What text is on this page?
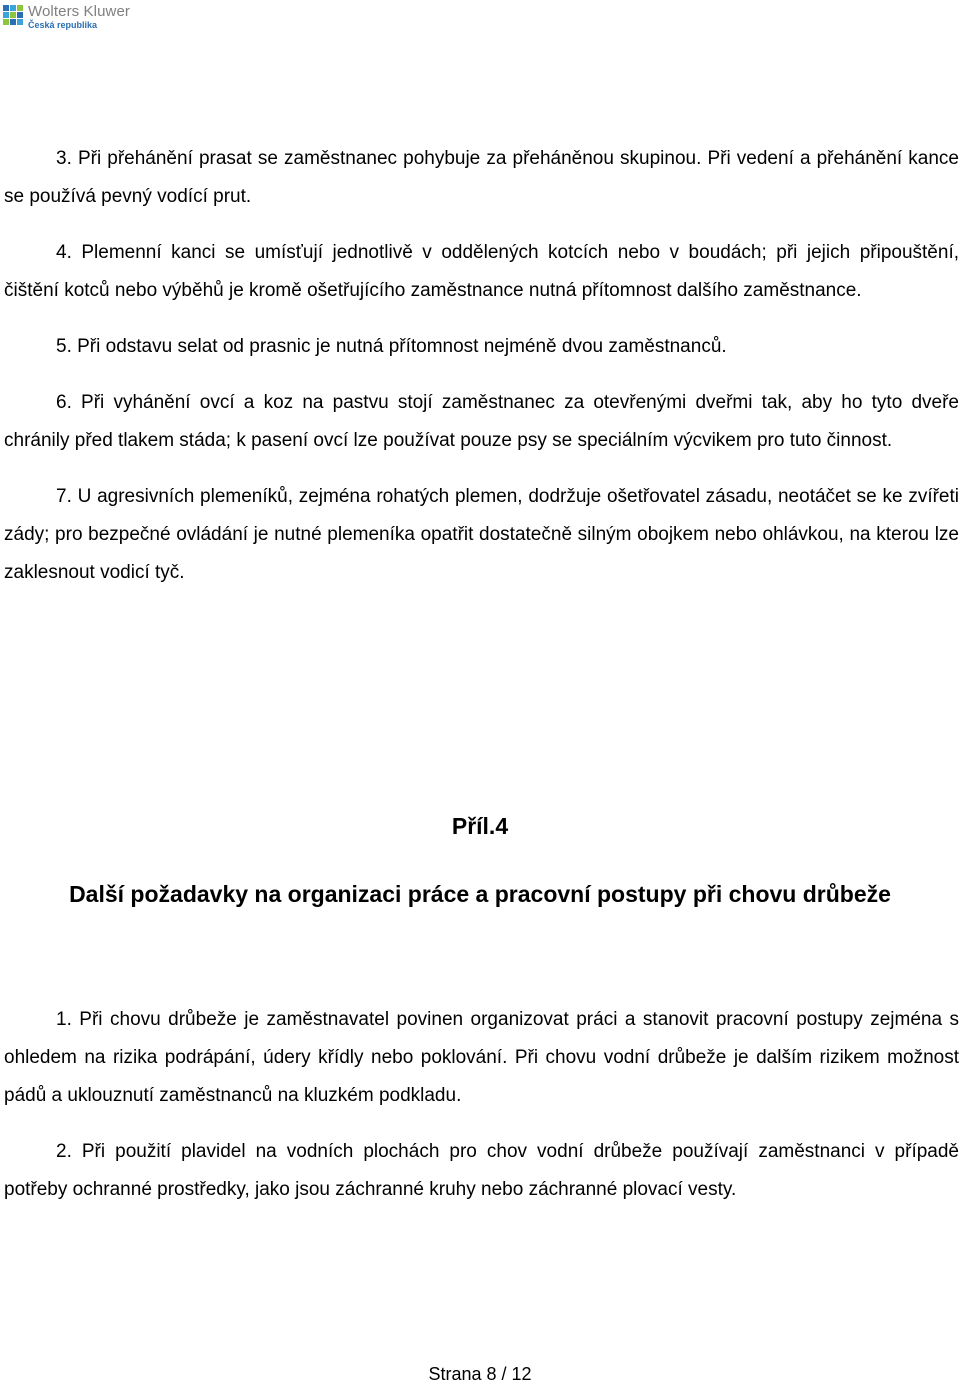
Wolters Kluwer
Česká republika

3. Při přehánění prasat se zaměstnanec pohybuje za přeháněnou skupinou. Při vedení a přehánění kance se používá pevný vodící prut.

4. Plemenní kanci se umísťují jednotlivě v oddělených kotcích nebo v boudách; při jejich připouštění, čištění kotců nebo výběhů je kromě ošetřujícího zaměstnance nutná přítomnost dalšího zaměstnance.

5. Při odstavu selat od prasnic je nutná přítomnost nejméně dvou zaměstnanců.

6. Při vyhánění ovcí a koz na pastvu stojí zaměstnanec za otevřenými dveřmi tak, aby ho tyto dveře chránily před tlakem stáda; k pasení ovcí lze používat pouze psy se speciálním výcvikem pro tuto činnost.

7. U agresivních plemeníků, zejména rohatých plemen, dodržuje ošetřovatel zásadu, neotáčet se ke zvířeti zády; pro bezpečné ovládání je nutné plemeníka opatřit dostatečně silným obojkem nebo ohlávkou, na kterou lze zaklesnout vodicí tyč.

Příl.4
Další požadavky na organizaci práce a pracovní postupy při chovu drůbeže

1. Při chovu drůbeže je zaměstnavatel povinen organizovat práci a stanovit pracovní postupy zejména s ohledem na rizika podrápání, údery křídly nebo poklování. Při chovu vodní drůbeže je dalším rizikem možnost pádů a uklouznutí zaměstnanců na kluzkém podkladu.

2. Při použití plavidel na vodních plochách pro chov vodní drůbeže používají zaměstnanci v případě potřeby ochranné prostředky, jako jsou záchranné kruhy nebo záchranné plovací vesty.

Strana 8 / 12
